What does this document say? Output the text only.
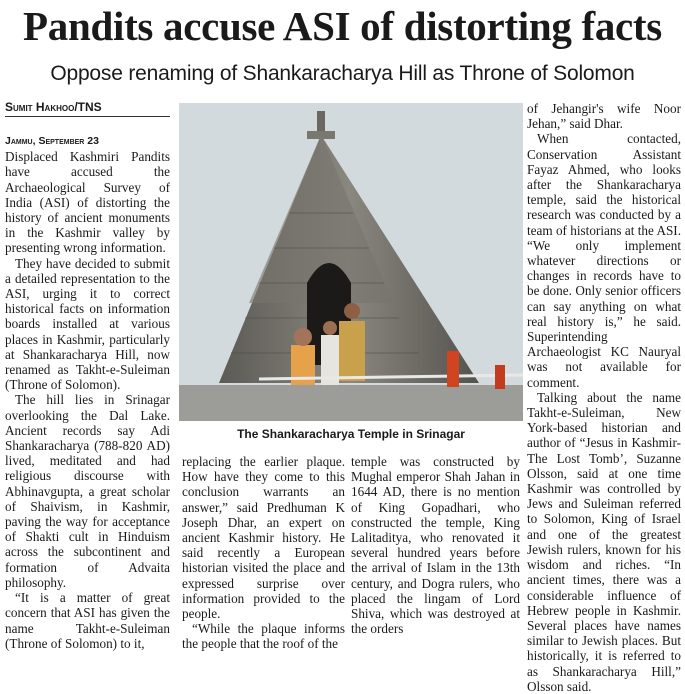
Pandits accuse ASI of distorting facts
Oppose renaming of Shankaracharya Hill as Throne of Solomon
Sumit Hakhoo/TNS

Jammu, September 23
Displaced Kashmiri Pandits have accused the Archaeological Survey of India (ASI) of distorting the history of ancient monuments in the Kashmir valley by presenting wrong information.

They have decided to submit a detailed representation to the ASI, urging it to correct historical facts on information boards installed at various places in Kashmir, particularly at Shankaracharya Hill, now renamed as Takht-e-Suleiman (Throne of Solomon).

The hill lies in Srinagar overlooking the Dal Lake. Ancient records say Adi Shankaracharya (788-820 AD) lived, meditated and had religious discourse with Abhinavgupta, a great scholar of Shaivism, in Kashmir, paving the way for acceptance of Shakti cult in Hinduism across the subcontinent and formation of Advaita philosophy.

“It is a matter of great concern that ASI has given the name Takht-e-Suleiman (Throne of Solomon) to it,

The Shankaracharya Temple in Srinagar

replacing the earlier plaque. How have they come to this conclusion warrants an answer,” said Predhuman K Joseph Dhar, an expert on ancient Kashmir history. He said recently a European historian visited the place and expressed surprise over information provided to the people.

“While the plaque informs the people that the roof of the

temple was constructed by Mughal emperor Shah Jahan in 1644 AD, there is no mention of King Gopadhari, who constructed the temple, King Lalitaditya, who renovated it several hundred years before the arrival of Islam in the 13th century, and Dogra rulers, who placed the lingam of Lord Shiva, which was destroyed at the orders

of Jehangir's wife Noor Jehan,” said Dhar.

When contacted, Conservation Assistant Fayaz Ahmed, who looks after the Shankaracharya temple, said the historical research was conducted by a team of historians at the ASI. “We only implement whatever directions or changes in records have to be done. Only senior officers can say anything on what real history is,” he said. Superintending Archaeologist KC Nauryal was not available for comment.

Talking about the name Takht-e-Suleiman, New York-based historian and author of “Jesus in Kashmir-The Lost Tomb’, Suzanne Olsson, said at one time Kashmir was controlled by Jews and Suleiman referred to Solomon, King of Israel and one of the greatest Jewish rulers, known for his wisdom and riches. “In ancient times, there was a considerable influence of Hebrew people in Kashmir. Several places have names similar to Jewish places. But historically, it is referred to as Shankaracharya Hill,” Olsson said.
